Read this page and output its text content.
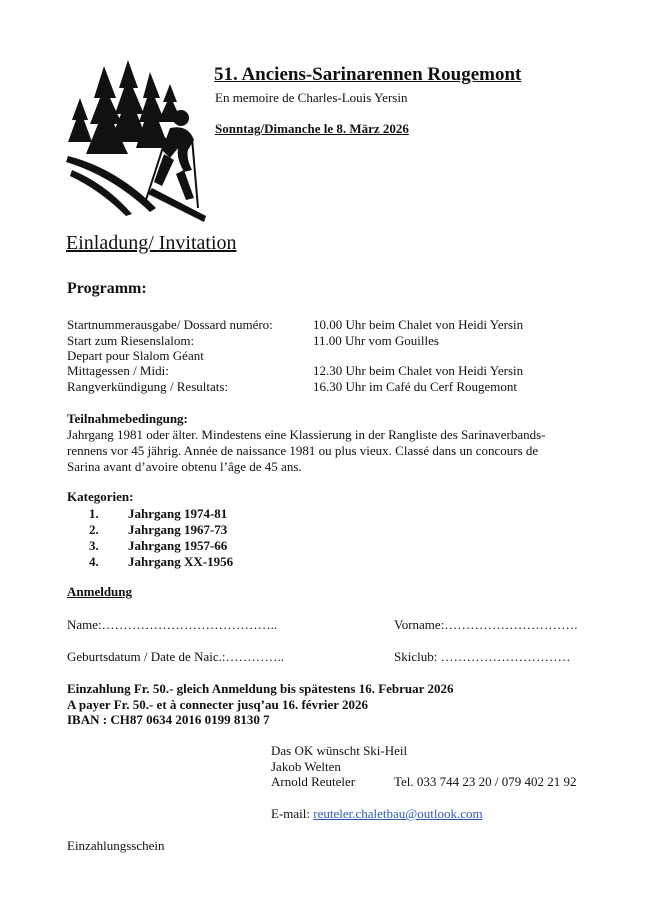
51. Anciens-Sarinarennen Rougemont
En memoire de Charles-Louis Yersin
Sonntag/Dimanche le 8. März 2026
Einladung/ Invitation
Programm:
Startnummerausgabe/ Dossard numéro:	10.00 Uhr beim Chalet von Heidi Yersin
Start zum Riesenslalom:	11.00 Uhr vom Gouilles
Depart pour Slalom Géant
Mittagessen / Midi:	12.30 Uhr beim Chalet von Heidi Yersin
Rangverkündigung / Resultats:	16.30 Uhr im Café du Cerf Rougemont
Teilnahmebedingung:
Jahrgang 1981 oder älter. Mindestens eine Klassierung in der Rangliste des Sarinaverbands-
rennens vor 45 jährig. Année de naissance 1981 ou plus vieux. Classé dans un concours de
Sarina avant d’avoire obtenu l’âge de 45 ans.
Kategorien:
1. Jahrgang 1974-81
2. Jahrgang 1967-73
3. Jahrgang 1957-66
4. Jahrgang XX-1956
Anmeldung
Name:…………………………………..	Vorname:………………………….
Geburtsdatum / Date de Naic.:…………..	Skiclub: …………………………
Einzahlung Fr. 50.- gleich Anmeldung bis spätestens 16. Februar 2026
A payer Fr. 50.- et à connecter jusq’au 16. février 2026
IBAN : CH87 0634 2016 0199 8130 7
Das OK wünscht Ski-Heil
Jakob Welten
Arnold Reuteler	Tel. 033 744 23 20 / 079 402 21 92
E-mail: reuteler.chaletbau@outlook.com
Einzahlungsschein
